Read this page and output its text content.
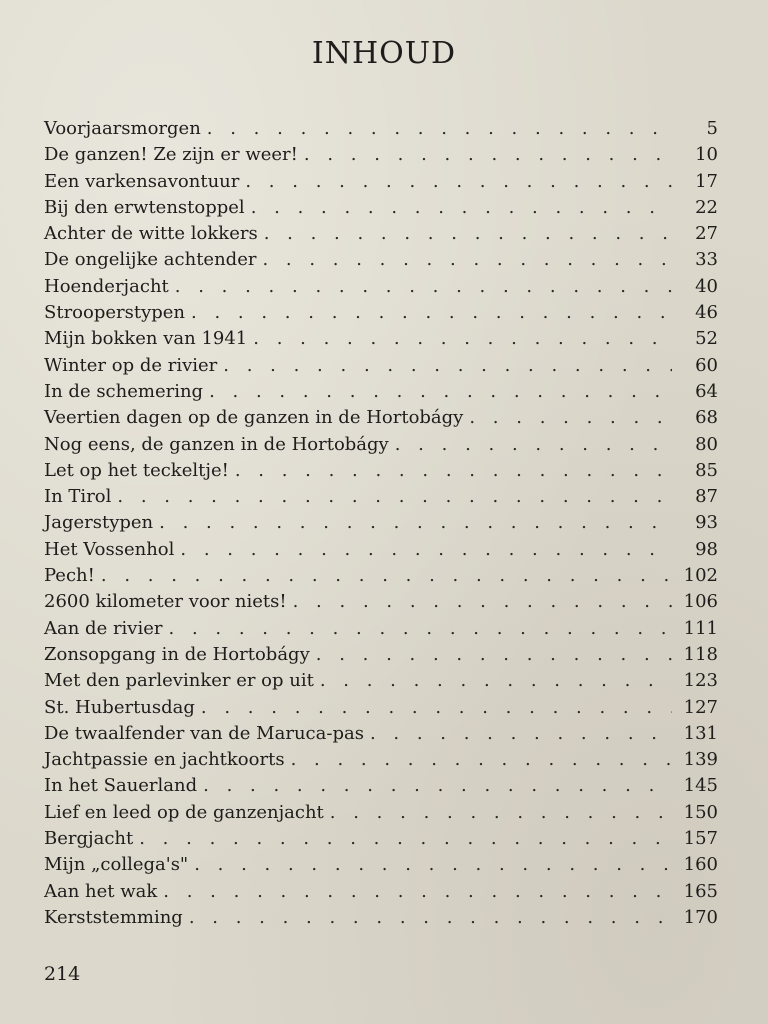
INHOUD
Voorjaarsmorgen . . .	5
De ganzen! Ze zijn er weer! . . .	10
Een varkensavontuur . . .	17
Bij den erwtenstoppel . . .	22
Achter de witte lokkers . . .	27
De ongelijke achtender . . .	33
Hoenderjacht . . .	40
Strooperstypen . . .	46
Mijn bokken van 1941 . . .	52
Winter op de rivier . . .	60
In de schemering . . .	64
Veertien dagen op de ganzen in de Hortobágy . . .	68
Nog eens, de ganzen in de Hortobágy . . .	80
Let op het teckeltje! . . .	85
In Tirol . . .	87
Jagerstypen . . .	93
Het Vossenhol . . .	98
Pech! . . .	102
2600 kilometer voor niets! . . .	106
Aan de rivier . . .	111
Zonsopgang in de Hortobágy . . .	118
Met den parlevinker er op uit . . .	123
St. Hubertusdag . . .	127
De twaalfender van de Maruca-pas . . .	131
Jachtpassie en jachtkoorts . . .	139
In het Sauerland . . .	145
Lief en leed op de ganzenjacht . . .	150
Bergjacht . . .	157
Mijn „collega's" . . .	160
Aan het wak . . .	165
Kerststemming . . .	170
214
